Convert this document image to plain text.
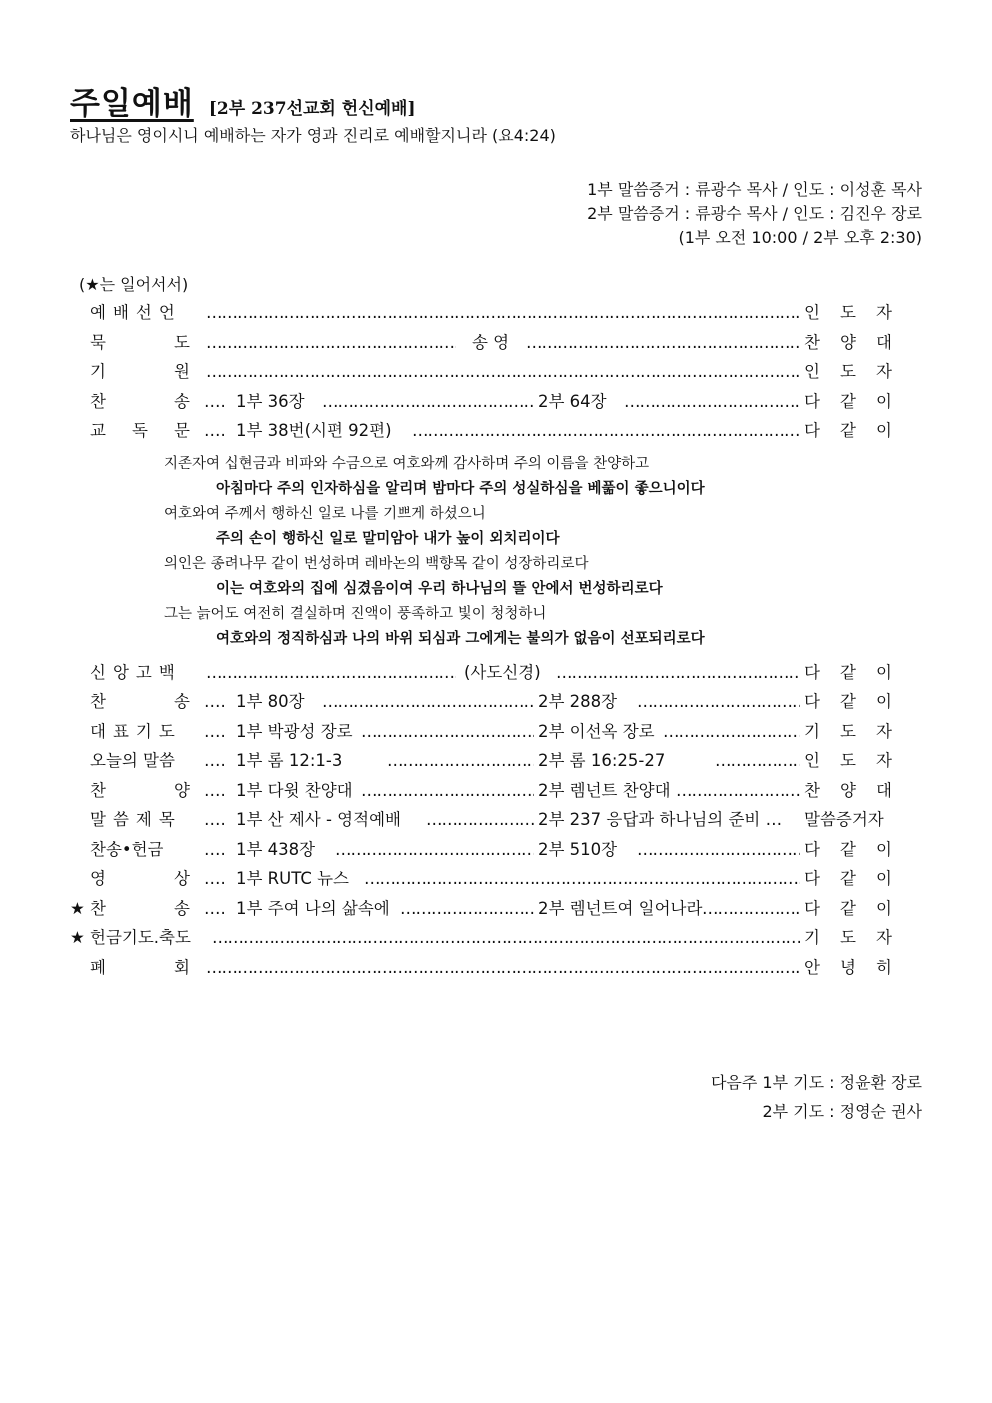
주일예배 [2부 237선교회 헌신예배]
하나님은 영이시니 예배하는 자가 영과 진리로 예배할지니라 (요4:24)
1부 말씀증거 : 류광수 목사 / 인도 : 이성훈 목사
2부 말씀증거 : 류광수 목사 / 인도 : 김진우 장로
(1부 오전 10:00 / 2부 오후 2:30)
(★는 일어서서)
예배선언 …………………………………………………………………………………………………………………………………………………………	인 도 자
묵	도 …………………………………………………………………………………………………………………………………………………………	송 영 …………………………………………………………………………………………………………………………………………………………	찬 양 대
기	원 …………………………………………………………………………………………………………………………………………………………	인 도 자
찬	송 …. 1부 36장 …………………………………………………………………………………………………………………………………………………………	2부 64장 …………………………………………………………………………………………………………………………………………………………	다 같 이
교 독 문 …. 1부 38번(시편 92편) …………………………………………………………………………………………………………………………………………………………	다 같 이
지존자여 십현금과 비파와 수금으로 여호와께 감사하며 주의 이름을 찬양하고
아침마다 주의 인자하심을 알리며 밤마다 주의 성실하심을 베풂이 좋으니이다
여호와여 주께서 행하신 일로 나를 기쁘게 하셨으니
주의 손이 행하신 일로 말미암아 내가 높이 외치리이다
의인은 종려나무 같이 번성하며 레바논의 백향목 같이 성장하리로다
이는 여호와의 집에 심겼음이여 우리 하나님의 뜰 안에서 번성하리로다
그는 늙어도 여전히 결실하며 진액이 풍족하고 빛이 청청하니
여호와의 정직하심과 나의 바위 되심과 그에게는 불의가 없음이 선포되리로다
신앙고백 …………………………………………………………………………………………………………………………………………………………	(사도신경) …………………………………………………………………………………………………………………………………………………………	다 같 이
찬	송 …. 1부 80장 …………………………………………………………………………………………………………………………………………………………	2부 288장 …………………………………………………………………………………………………………………………………………………………	다 같 이
대표기도	…. 1부 박광성 장로 …………………………………………………………………………………………………………………………………………………………	2부 이선옥 장로 …………………………………………………………………………………………………………………………………………………………	기 도 자
오늘의 말씀	…. 1부 롬 12:1-3 …………………………………………………………………………………………………………………………………………………………	2부 롬 16:25-27 …………………………………………………………………………………………………………………………………………………………	인 도 자
찬	양 …. 1부 다윗 찬양대 …………………………………………………………………………………………………………………………………………………………	2부 렘넌트 찬양대 …………………………………………………………………………………………………………………………………………………………	찬 양 대
말씀제목	…. 1부 산 제사 - 영적예배 …………………………………………………………………………………………………………………………………………………………	2부 237 응답과 하나님의 준비 … 말씀증거자
찬송•헌금	…. 1부 438장 …………………………………………………………………………………………………………………………………………………………	2부 510장 …………………………………………………………………………………………………………………………………………………………	다 같 이
영	상 …. 1부 RUTC 뉴스 …………………………………………………………………………………………………………………………………………………………	다 같 이
★ 찬	송 …. 1부 주여 나의 삶속에 …………………………………………………………………………………………………………………………………………………………	2부 렘넌트여 일어나라 …………………………………………………………………………………………………………………………………………………………	다 같 이
★ 헌금기도.축도 …………………………………………………………………………………………………………………………………………………………	기 도 자
폐	회 …………………………………………………………………………………………………………………………………………………………	안 녕 히
다음주 1부 기도 : 정윤환 장로
2부 기도 : 정영순 권사
